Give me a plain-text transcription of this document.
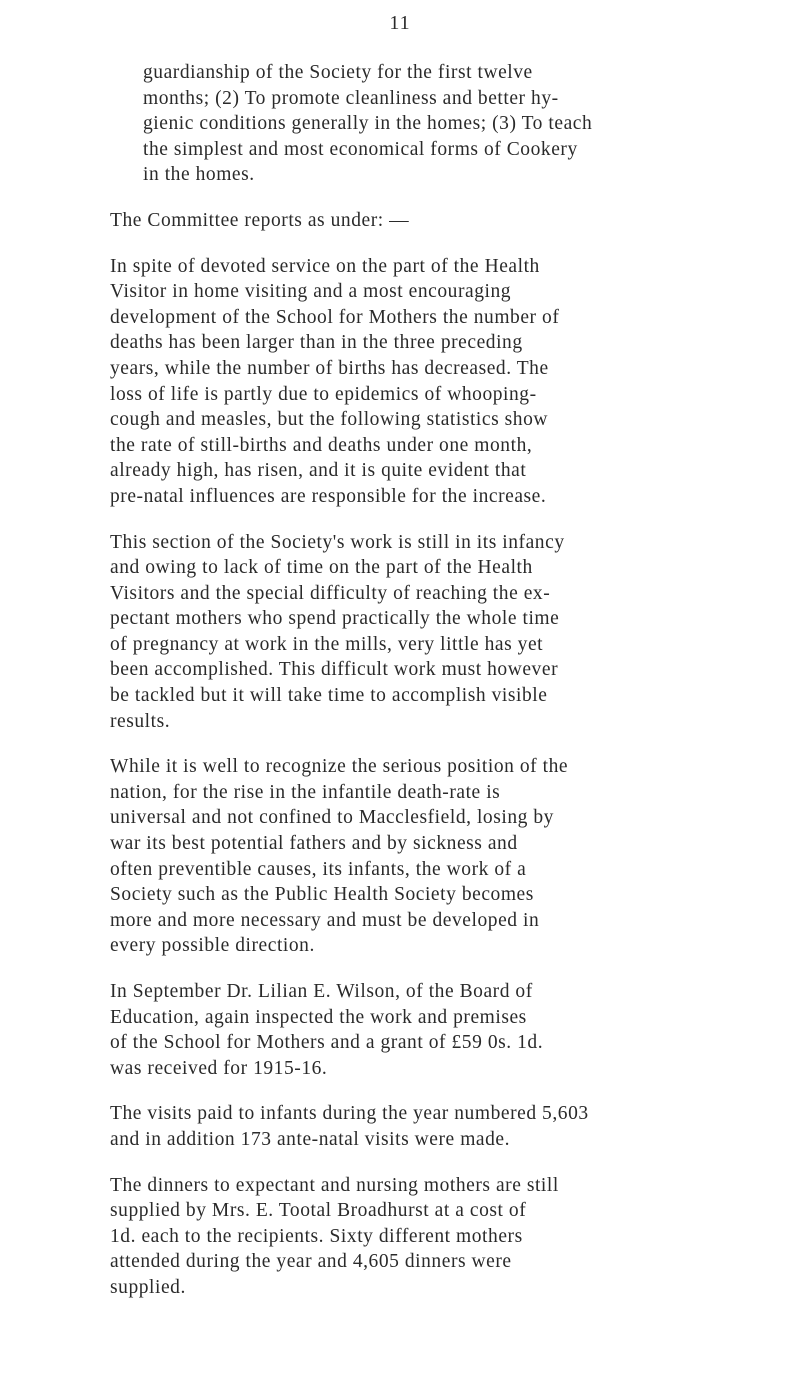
11

guardianship of the Society for the first twelve
months; (2) To promote cleanliness and better hy-
gienic conditions generally in the homes; (3) To teach
the simplest and most economical forms of Cookery
in the homes.

The Committee reports as under: —

In spite of devoted service on the part of the Health
Visitor in home visiting and a most encouraging
development of the School for Mothers the number of
deaths has been larger than in the three preceding
years, while the number of births has decreased. The
loss of life is partly due to epidemics of whooping-
cough and measles, but the following statistics show
the rate of still-births and deaths under one month,
already high, has risen, and it is quite evident that
pre-natal influences are responsible for the increase.

This section of the Society's work is still in its infancy
and owing to lack of time on the part of the Health
Visitors and the special difficulty of reaching the ex-
pectant mothers who spend practically the whole time
of pregnancy at work in the mills, very little has yet
been accomplished. This difficult work must however
be tackled but it will take time to accomplish visible
results.

While it is well to recognize the serious position of the
nation, for the rise in the infantile death-rate is
universal and not confined to Macclesfield, losing by
war its best potential fathers and by sickness and
often preventible causes, its infants, the work of a
Society such as the Public Health Society becomes
more and more necessary and must be developed in
every possible direction.

In September Dr. Lilian E. Wilson, of the Board of
Education, again inspected the work and premises
of the School for Mothers and a grant of £59 0s. 1d.
was received for 1915-16.

The visits paid to infants during the year numbered 5,603
and in addition 173 ante-natal visits were made.

The dinners to expectant and nursing mothers are still
supplied by Mrs. E. Tootal Broadhurst at a cost of
1d. each to the recipients. Sixty different mothers
attended during the year and 4,605 dinners were
supplied.
